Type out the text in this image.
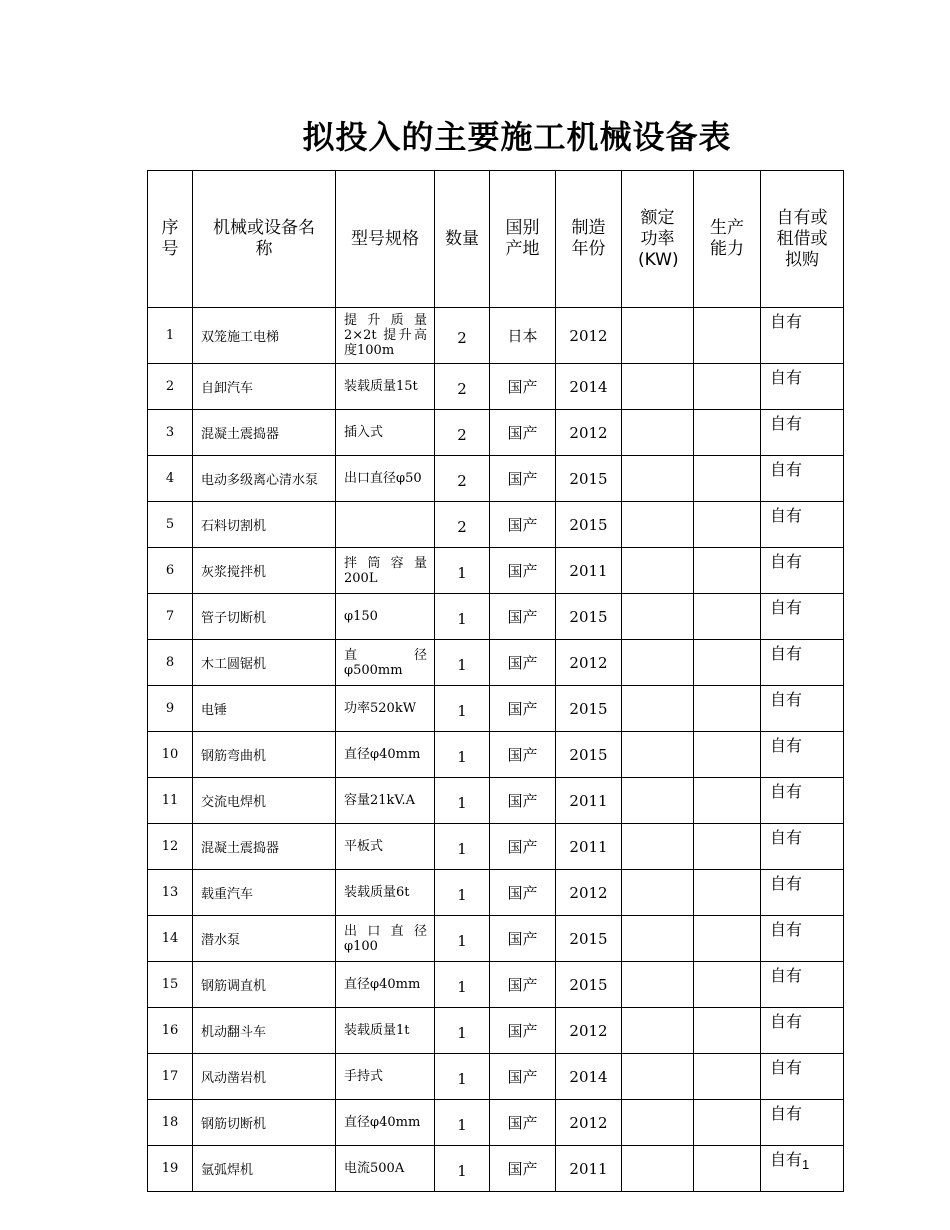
拟投入的主要施工机械设备表
序号	机械或设备名称	型号规格	数量	国别产地	制造年份	额定功率(KW)	生产能力	自有或租借或拟购
1	双笼施工电梯	提升质量2×2t 提升高度100m	2	日本	2012			自有
2	自卸汽车	装载质量15t	2	国产	2014			自有
3	混凝土震捣器	插入式	2	国产	2012			自有
4	电动多级离心清水泵	出口直径φ50	2	国产	2015			自有
5	石料切割机		2	国产	2015			自有
6	灰浆搅拌机	拌筒容量200L	1	国产	2011			自有
7	管子切断机	φ150	1	国产	2015			自有
8	木工圆锯机	直径φ500mm	1	国产	2012			自有
9	电锤	功率520kW	1	国产	2015			自有
10	钢筋弯曲机	直径φ40mm	1	国产	2015			自有
11	交流电焊机	容量21kV.A	1	国产	2011			自有
12	混凝土震捣器	平板式	1	国产	2011			自有
13	载重汽车	装载质量6t	1	国产	2012			自有
14	潜水泵	出口直径φ100	1	国产	2015			自有
15	钢筋调直机	直径φ40mm	1	国产	2015			自有
16	机动翻斗车	装载质量1t	1	国产	2012			自有
17	风动凿岩机	手持式	1	国产	2014			自有
18	钢筋切断机	直径φ40mm	1	国产	2012			自有
19	氩弧焊机	电流500A	1	国产	2011			自有 1
